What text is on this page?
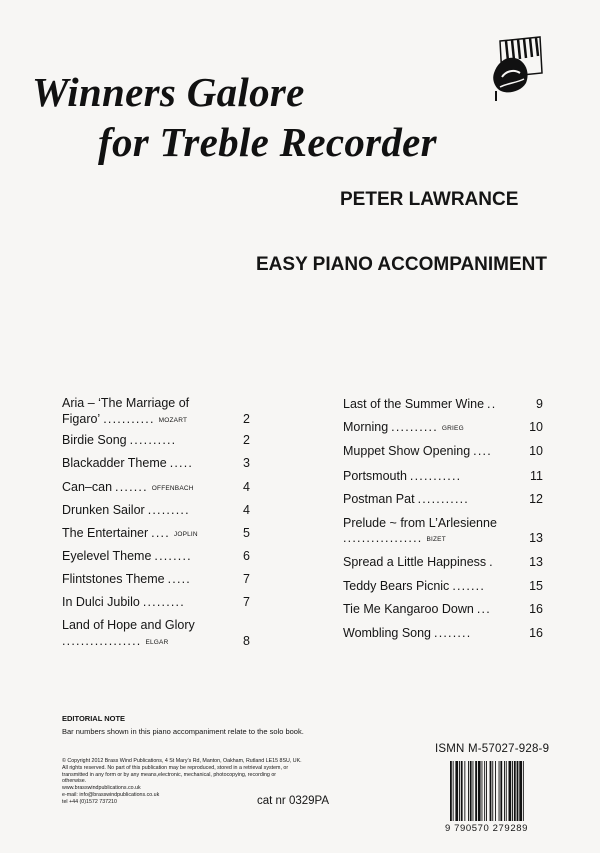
Winners Galore
for Treble Recorder
PETER LAWRANCE
EASY PIANO ACCOMPANIMENT
Aria – ‘The Marriage of
Figaro’ ........... MOZART	2
Birdie Song ..........	2
Blackadder Theme .....	3
Can–can ....... OFFENBACH	4
Drunken Sailor .........	4
The Entertainer .... JOPLIN	5
Eyelevel Theme ........	6
Flintstones Theme .....	7
In Dulci Jubilo .........	7
Land of Hope and Glory
................. ELGAR	8
Last of the Summer Wine ..	9
Morning .......... GRIEG	10
Muppet Show Opening ....	10
Portsmouth ...........	11
Postman Pat ...........	12
Prelude ~ from L’Arlesienne
................. BIZET	13
Spread a Little Happiness .	13
Teddy Bears Picnic .......	15
Tie Me Kangaroo Down ...	16
Wombling Song ........	16
EDITORIAL NOTE
Bar numbers shown in this piano accompaniment relate to the solo book.
© Copyright 2012 Brass Wind Publications, 4 St Mary’s Rd, Manton, Oakham, Rutland LE15 8SU, UK.
All rights reserved. No part of this publication may be reproduced, stored in a retrieval system, or
transmitted in any form or by any means,electronic, mechanical, photocopying, recording or
otherwise.
www.brasswindpublications.co.uk
e-mail: info@brasswindpublications.co.uk
tel +44 (0)1572 737210	cat nr 0329PA
ISMN M-57027-928-9
9 790570 279289
